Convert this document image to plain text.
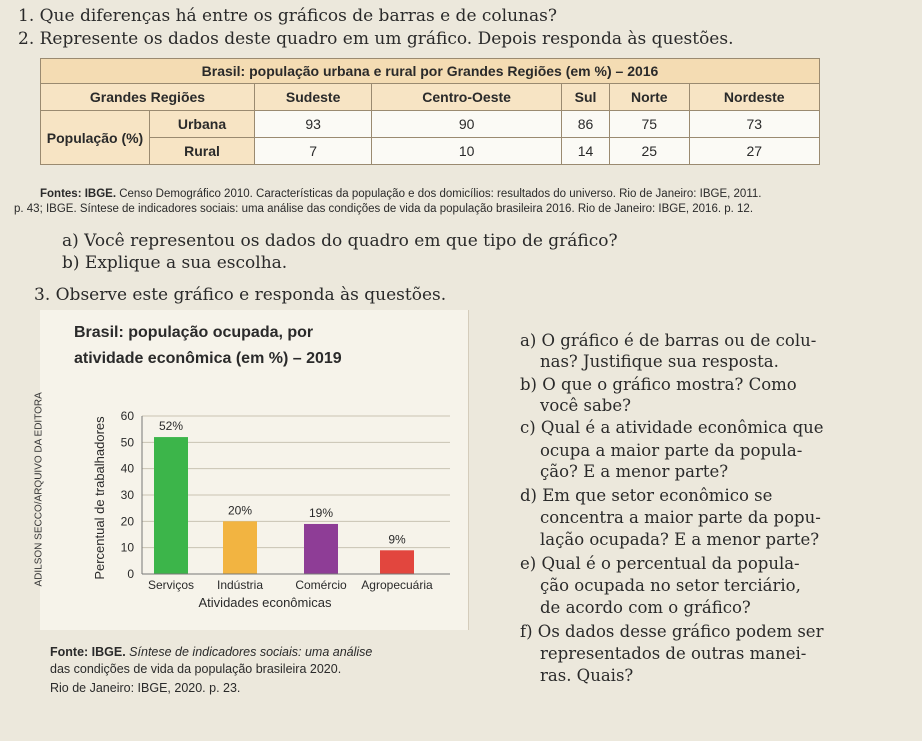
1. Que diferenças há entre os gráficos de barras e de colunas?
2. Represente os dados deste quadro em um gráfico. Depois responda às questões.
Brasil: população urbana e rural por Grandes Regiões (em %) – 2016						
Grandes Regiões		Sudeste	Centro-Oeste	Sul	Norte	Nordeste
População (%)	Urbana	93	90	86	75	73
	Rural	7	10	14	25	27
Fontes: IBGE. Censo Demográfico 2010. Características da população e dos domicílios: resultados do universo. Rio de Janeiro: IBGE, 2011.
p. 43; IBGE. Síntese de indicadores sociais: uma análise das condições de vida da população brasileira 2016. Rio de Janeiro: IBGE, 2016. p. 12.
a) Você representou os dados do quadro em que tipo de gráfico?
b) Explique a sua escolha.
3. Observe este gráfico e responda às questões.
ADILSON SECCO/ARQUIVO DA EDITORA
Brasil: população ocupada, por
atividade econômica (em %) – 2019
0
10
20
30
40
50
60
52%
20%	19%
9%
Serviços Indústria	Comércio Agropecuária
Percentual de trabalhadores
Atividades econômicas
Fonte: IBGE. Síntese de indicadores sociais: uma análise
das condições de vida da população brasileira 2020.
Rio de Janeiro: IBGE, 2020. p. 23.
a) O gráfico é de barras ou de colu-
nas? Justifique sua resposta.
b) O que o gráfico mostra? Como
você sabe?
c) Qual é a atividade econômica que
ocupa a maior parte da popula-
ção? E a menor parte?
d) Em que setor econômico se
concentra a maior parte da popu-
lação ocupada? E a menor parte?
e) Qual é o percentual da popula-
ção ocupada no setor terciário,
de acordo com o gráfico?
f) Os dados desse gráfico podem ser
representados de outras manei-
ras. Quais?
